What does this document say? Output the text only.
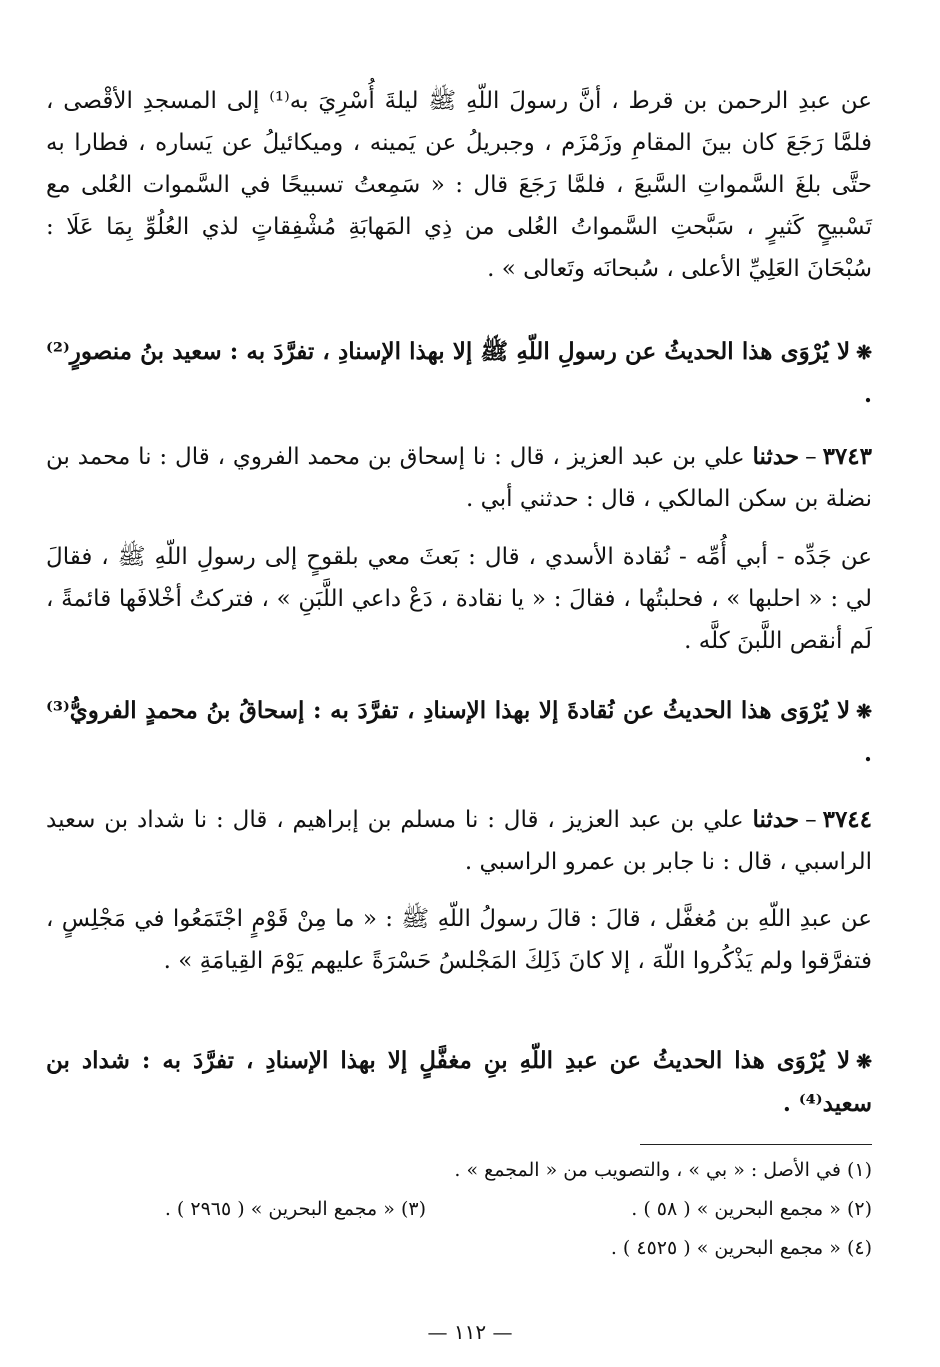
عن عبدِ الرحمن بن قرط ، أنَّ رسولَ اللّهِ ﷺ ليلةَ أُسْرِيَ به⁽¹⁾ إلى المسجدِ الأقْصى ، فلمَّا رَجَعَ كان بينَ المقامِ وزَمْزَم ، وجبريلُ عن يَمينه ، وميكائيلُ عن يَساره ، فطارا به حتَّى بلغَ السَّمواتِ السَّبعَ ، فلمَّا رَجَعَ قال : « سَمِعتُ تسبيحًا في السَّموات العُلى مع تَسْبيحٍ كَثيرٍ ، سَبَّحتِ السَّمواتُ العُلى من ذِي المَهابَةِ مُشْفِقاتٍ لذي العُلُوِّ بِمَا عَلَا : سُبْحَانَ العَلِيِّ الأعلى ، سُبحانَه وتَعالى » .
❋لا يُرْوَى هذا الحديثُ عن رسولِ اللّهِ ﷺ إلا بهذا الإسنادِ ، تفرَّدَ به : سعيد بنُ منصورٍ⁽²⁾ .
٣٧٤٣–حدثنا علي بن عبد العزيز ، قال : نا إسحاق بن محمد الفروي ، قال : نا محمد بن نضلة بن سكن المالكي ، قال : حدثني أبي .
عن جَدِّه - أبي أُمِّه - نُقادة الأسدي ، قال : بَعثَ معي بلقوحٍ إلى رسولِ اللّهِ ﷺ ، فقالَ لي : « احلبها » ، فحلبتُها ، فقالَ : « يا نقادة ، دَعْ داعي اللَّبَنِ » ، فتركتُ أخْلافَها قائمةً ، لَم أنقص اللَّبنَ كلَّه .
❋لا يُرْوَى هذا الحديثُ عن نُقادةَ إلا بهذا الإسنادِ ، تفرَّدَ به : إسحاقُ بنُ محمدٍ الفرويُّ⁽³⁾ .
٣٧٤٤–حدثنا علي بن عبد العزيز ، قال : نا مسلم بن إبراهيم ، قال : نا شداد بن سعيد الراسبي ، قال : نا جابر بن عمرو الراسبي .
عن عبدِ اللّهِ بن مُغفَّل ، قالَ : قالَ رسولُ اللّهِ ﷺ : « ما مِنْ قَوْمٍ اجْتَمَعُوا في مَجْلِسٍ ، فتفرَّقوا ولم يَذْكُروا اللّهَ ، إلا كانَ ذَلِكَ المَجْلسُ حَسْرَةً عليهم يَوْمَ القِيامَةِ » .
❋لا يُرْوَى هذا الحديثُ عن عبدِ اللّهِ بنِ مغفَّلٍ إلا بهذا الإسنادِ ، تفرَّدَ به : شداد بن سعيد⁽⁴⁾ .
(١) في الأصل : « بي » ، والتصويب من « المجمع » .
(٢) « مجمع البحرين » ( ٥٨ ) .
(٣) « مجمع البحرين » ( ٢٩٦٥ ) .
(٤) « مجمع البحرين » ( ٤٥٢٥ ) .
— ١١٢ —
